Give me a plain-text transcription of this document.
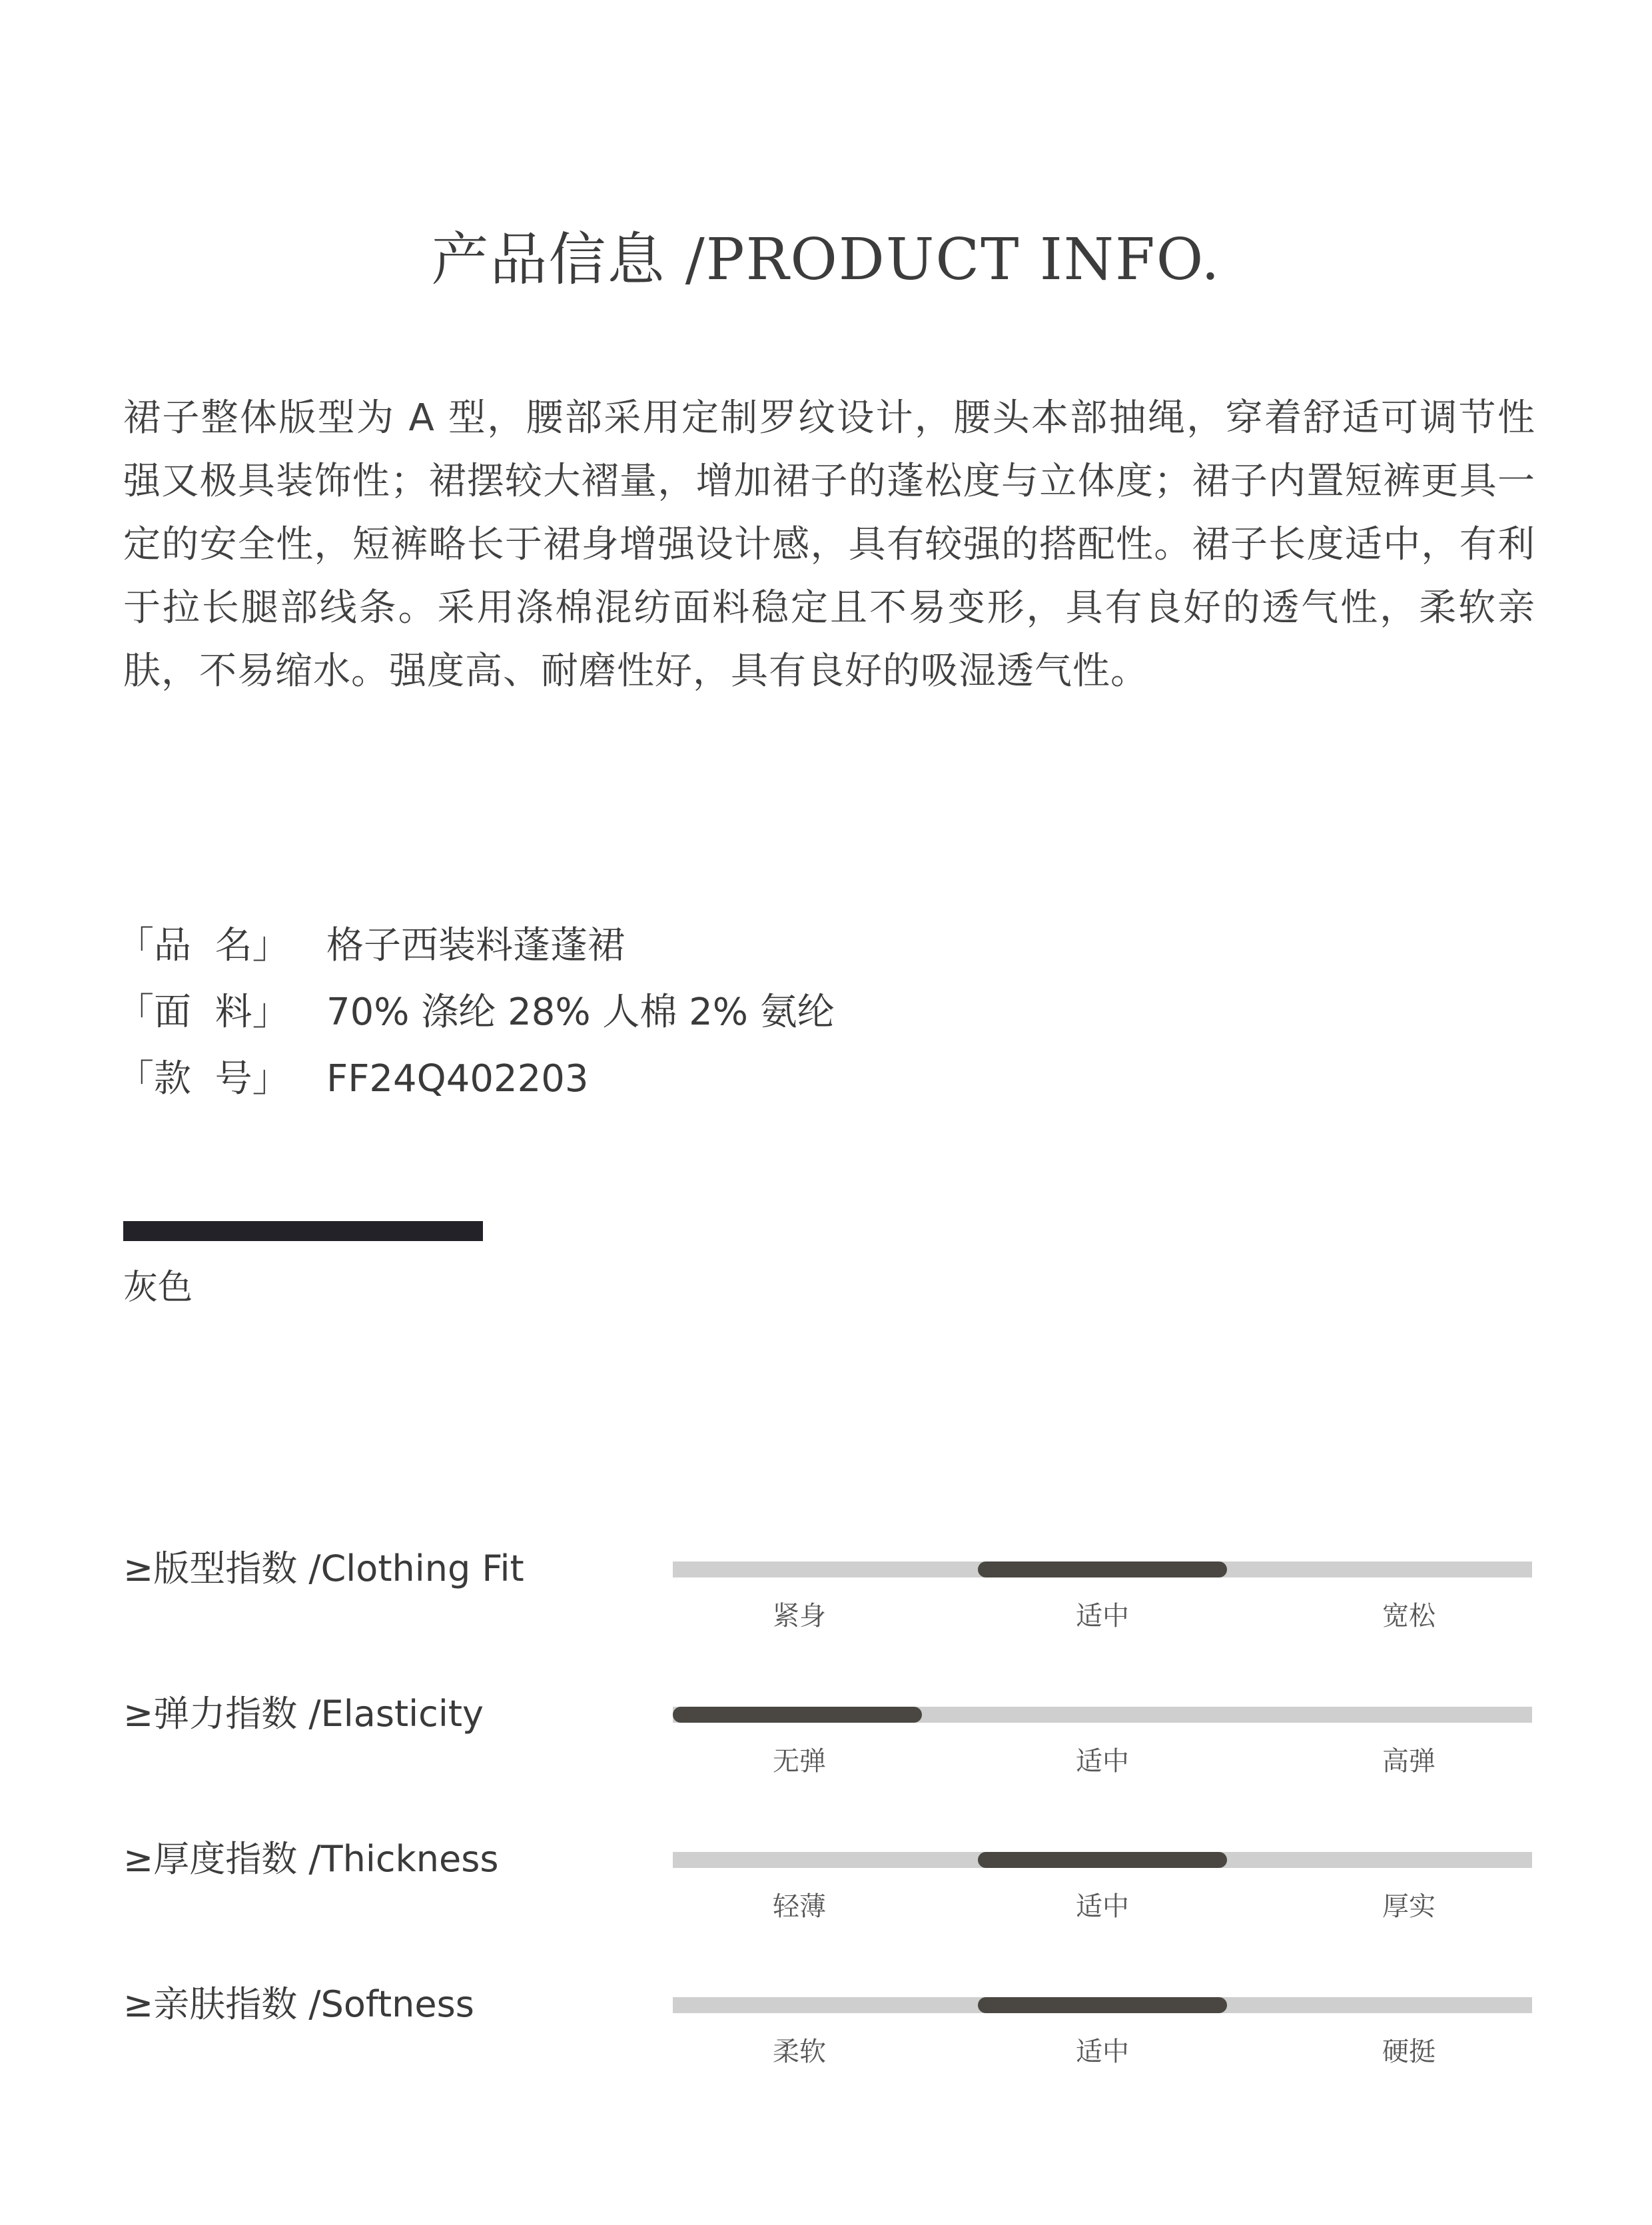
产品信息 /PRODUCT INFO.
裙子整体版型为 A 型，腰部采用定制罗纹设计，腰头本部抽绳，穿着舒适可调节性强又极具装饰性；裙摆较大褶量，增加裙子的蓬松度与立体度；裙子内置短裤更具一定的安全性，短裤略长于裙身增强设计感，具有较强的搭配性。裙子长度适中，有利于拉长腿部线条。采用涤棉混纺面料稳定且不易变形，具有良好的透气性，柔软亲肤，不易缩水。强度高、耐磨性好，具有良好的吸湿透气性。
「品  名」 格子西装料蓬蓬裙
「面  料」 70% 涤纶 28% 人棉 2% 氨纶
「款  号」 FF24Q402203
灰色
≥版型指数 /Clothing Fit
紧身	适中	宽松
≥弹力指数 /Elasticity
无弹	适中	高弹
≥厚度指数 /Thickness
轻薄	适中	厚实
≥亲肤指数 /Softness
柔软	适中	硬挺
